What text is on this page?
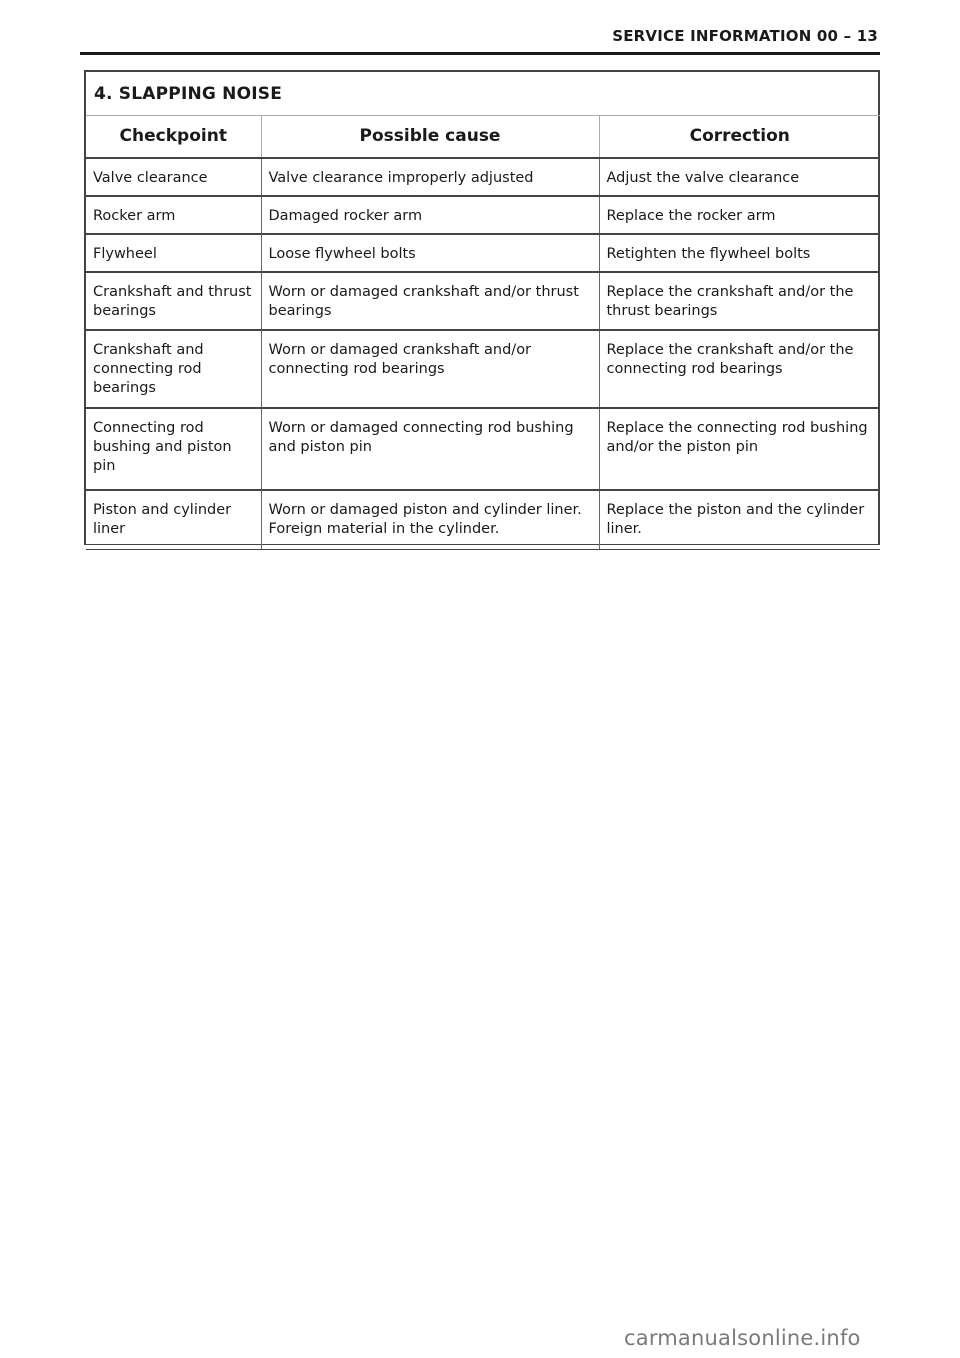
SERVICE INFORMATION 00 – 13
4. SLAPPING NOISE
Checkpoint	Possible cause	Correction
Valve clearance	Valve clearance improperly adjusted	Adjust the valve clearance
Rocker arm	Damaged rocker arm	Replace the rocker arm
Flywheel	Loose flywheel bolts	Retighten the flywheel bolts
Crankshaft and thrust bearings	Worn or damaged crankshaft and/or thrust bearings	Replace the crankshaft and/or the thrust bearings
Crankshaft and connecting rod bearings	Worn or damaged crankshaft and/or connecting rod bearings	Replace the crankshaft and/or the connecting rod bearings
Connecting rod bushing and piston pin	Worn or damaged connecting rod bushing and piston pin	Replace the connecting rod bushing and/or the piston pin
Piston and cylinder liner	Worn or damaged piston and cylinder liner. Foreign material in the cylinder.	Replace the piston and the cylinder liner.
carmanualsonline.info
